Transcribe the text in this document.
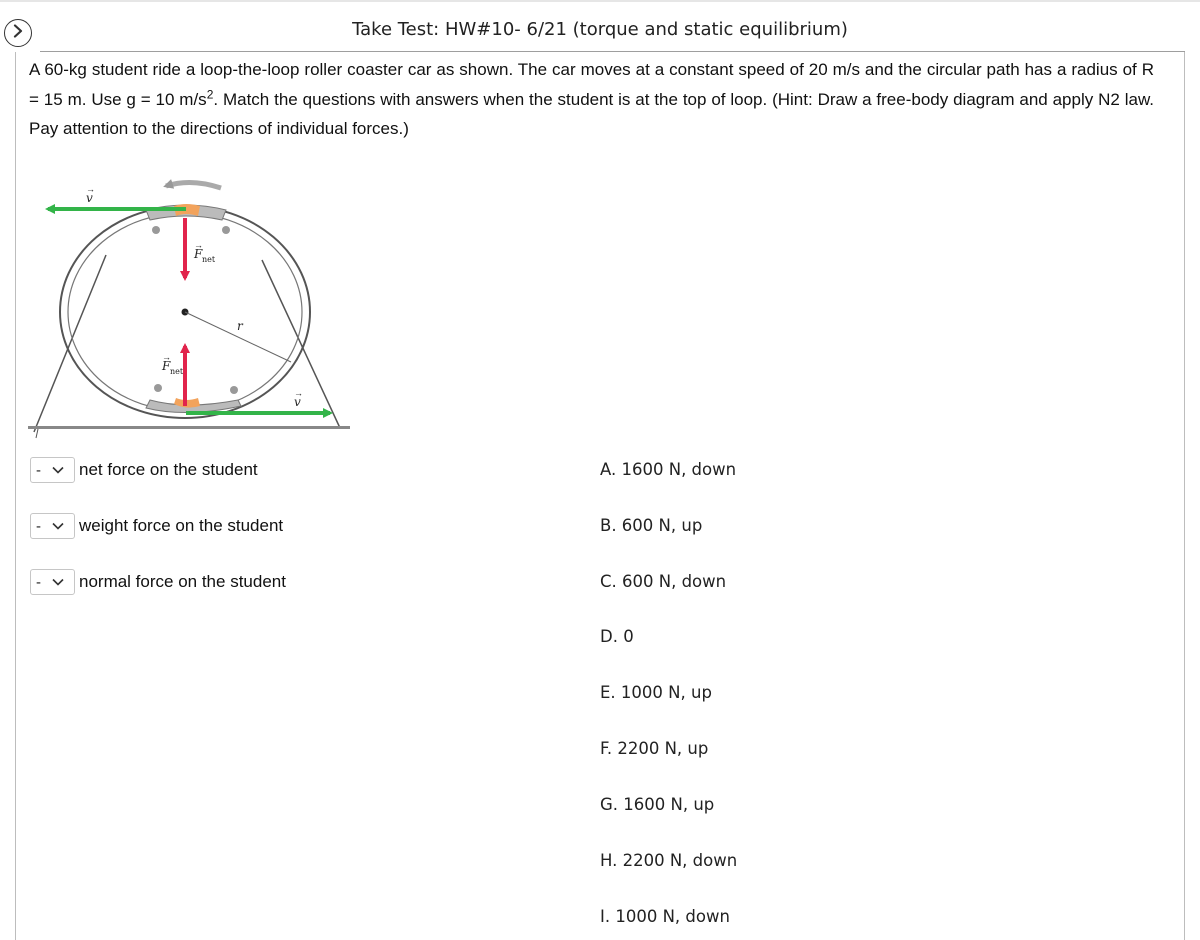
Take Test: HW#10- 6/21 (torque and static equilibrium)
A 60-kg student ride a loop-the-loop roller coaster car as shown. The car moves at a constant speed of 20 m/s and the circular path has a radius of R = 15 m. Use g = 10 $m/s^2$. Match the questions with answers when the student is at the top of loop. (Hint: Draw a free-body diagram and apply N2 law. Pay attention to the directions of individual forces.)
v
→
v
→
F
→
net
F
→
net
r
-	net force on the student
-	weight force on the student
-	normal force on the student
A. 1600 N, down
B. 600 N, up
C. 600 N, down
D. 0
E. 1000 N, up
F. 2200 N, up
G. 1600 N, up
H. 2200 N, down
I. 1000 N, down
